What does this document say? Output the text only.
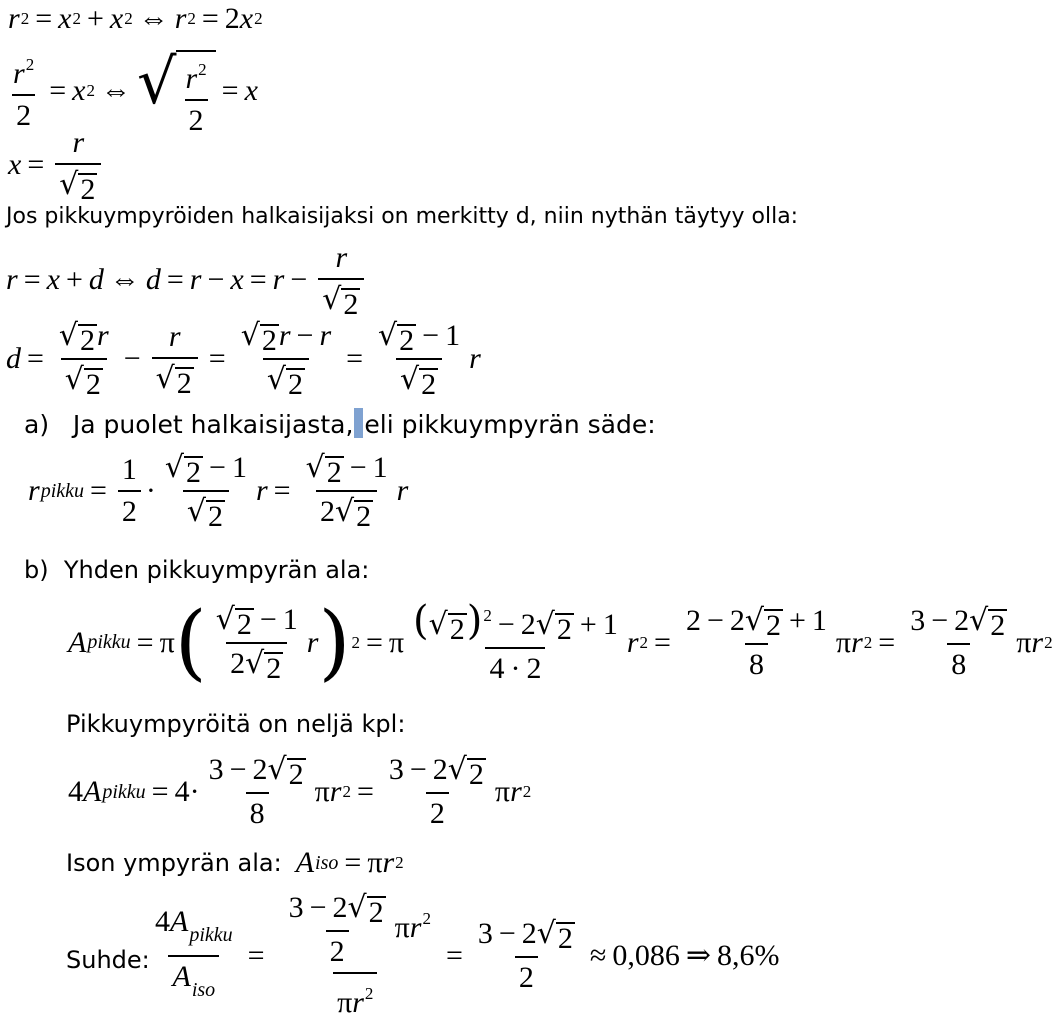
r 2 = x 2 + x 2 ⇔ r 2 = 2 x 2
$\frac{r^2}{2} = x$ 2 ⇔ √ $\frac{r^2}{2} = x$
$x = \frac{r}{√ 2}$
Jos pikkuympyröiden halkaisijaksi on merkitty d, niin nythän täytyy olla:
r = x + d ⇔ $d = r - x = r - \frac{r}{√ 2}$
$d = \frac{√ 2 r}{√ 2} - \frac{r}{√ 2} = \frac{√ 2 r - r}{√ 2} = \frac{√ 2 - 1}{√ 2}$ r
a) Ja puolet halkaisijasta, eli pikkuympyrän säde:
r pikku = $\frac{1}{2} \cdot \frac{√ 2 - 1}{√ 2}$ $r = \frac{√ 2 - 1}{2 √ 2}$ r
b) Yhden pikkuympyrän ala:
A pikku = π ( $\frac{√ 2 - 1}{2 √ 2}$ r ) 2 = π $\frac{( √ 2 )^2 - 2 √ 2 + 1}{4 \cdot 2}$ r $2 = \frac{2 - 2 √ 2 + 1}{8}$ π r $2 = \frac{3 - 2 √ 2}{8}$ π r 2
Pikkuympyröitä on neljä kpl:
4 A pikku = $4 \cdot \frac{3 - 2 √ 2}{8}$ π r $2 = \frac{3 - 2 √ 2}{2}$ π r 2
Ison ympyrän ala: A iso = π r 2
Suhde: $\frac{4A_{pikku}}{A_{iso}} = \frac{\frac{3 - 2 √ 2}{2} \pi r^2}{\pi r^2} = \frac{3 - 2 √ 2}{2} \approx 0,086$ ⇒ 8,6%
